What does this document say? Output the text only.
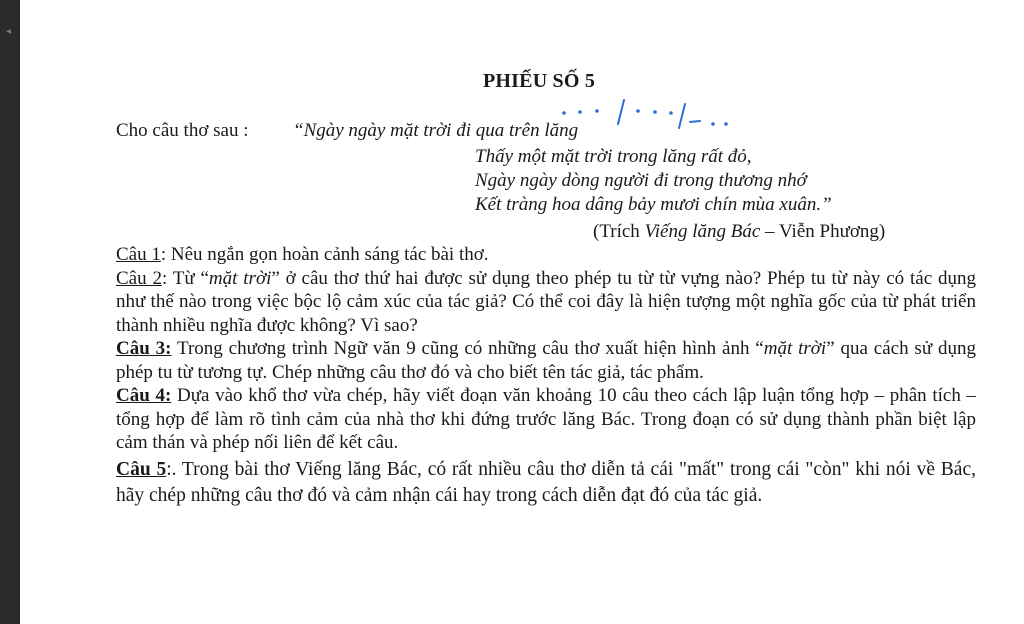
◂
PHIẾU SỐ 5
Cho câu thơ sau : “Ngày ngày mặt trời đi qua trên lăng
Thấy một mặt trời trong lăng rất đỏ,
Ngày ngày dòng người đi trong thương nhớ
Kết tràng hoa dâng bảy mươi chín mùa xuân.”
(Trích Viếng lăng Bác – Viễn Phương)

Câu 1: Nêu ngắn gọn hoàn cảnh sáng tác bài thơ.

Câu 2: Từ “mặt trời” ở câu thơ thứ hai được sử dụng theo phép tu từ từ vựng nào? Phép tu từ này có tác dụng như thế nào trong việc bộc lộ cảm xúc của tác giả? Có thể coi đây là hiện tượng một nghĩa gốc của từ phát triển thành nhiều nghĩa được không? Vì sao?

Câu 3: Trong chương trình Ngữ văn 9 cũng có những câu thơ xuất hiện hình ảnh “mặt trời” qua cách sử dụng phép tu từ tương tự. Chép những câu thơ đó và cho biết tên tác giả, tác phẩm.

Câu 4: Dựa vào khổ thơ vừa chép, hãy viết đoạn văn khoảng 10 câu theo cách lập luận tổng hợp – phân tích – tổng hợp để làm rõ tình cảm của nhà thơ khi đứng trước lăng Bác. Trong đoạn có sử dụng thành phần biệt lập cảm thán và phép nối liên để kết câu.

Câu 5:. Trong bài thơ Viếng lăng Bác, có rất nhiều câu thơ diễn tả cái "mất" trong cái "còn" khi nói về Bác, hãy chép những câu thơ đó và cảm nhận cái hay trong cách diễn đạt đó của tác giả.
